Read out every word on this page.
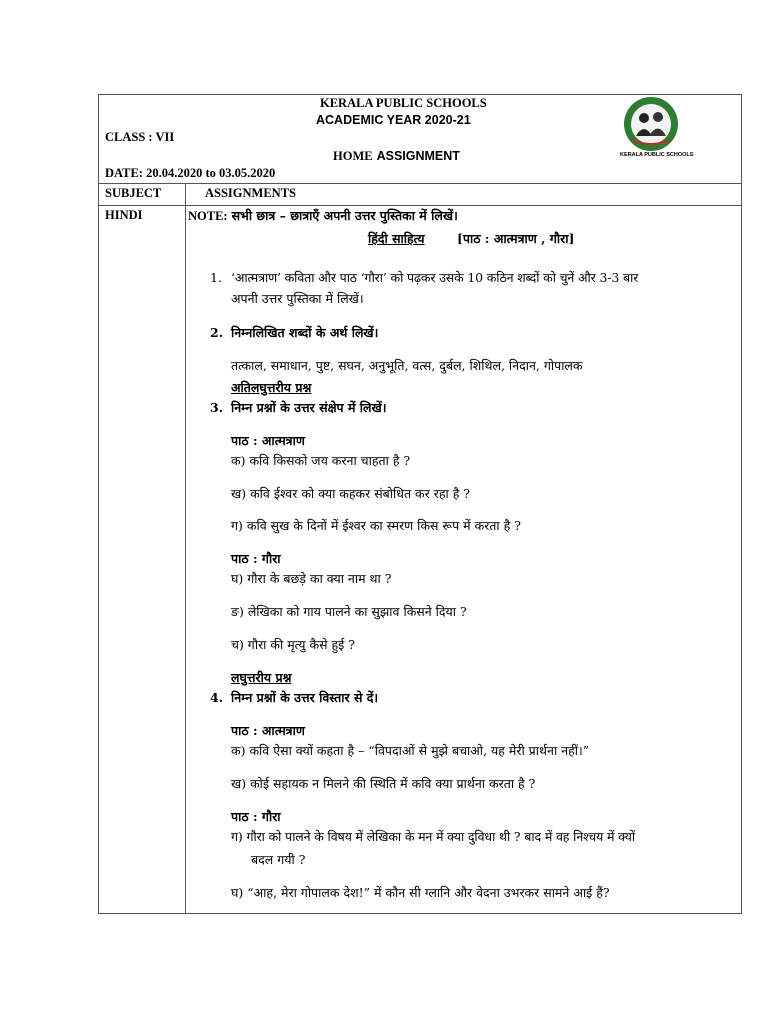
KERALA PUBLIC SCHOOLS
ACADEMIC YEAR 2020-21
CLASS : VII
HOME ASSIGNMENT
DATE: 20.04.2020 to 03.05.2020
KERALA PUBLIC SCHOOLS
SUBJECT	ASSIGNMENTS
HINDI	NOTE: सभी छात्र – छात्राएँ अपनी उत्तर पुस्तिका में लिखें।
हिंदी साहित्य	[पाठ : आत्मत्राण , गौरा]
1. ‘आत्मत्राण’ कविता और पाठ ‘गौरा’ को पढ़कर उसके 10 कठिन शब्दों को चुनें और 3-3 बार
अपनी उत्तर पुस्तिका में लिखें।
2. निम्नलिखित शब्दों के अर्थ लिखें।
तत्काल, समाधान, पुष्ट, सघन, अनुभूति, वत्स, दुर्बल, शिथिल, निदान, गोपालक
अतिलघुत्तरीय प्रश्न
3. निम्न प्रश्नों के उत्तर संक्षेप में लिखें।
पाठ : आत्मत्राण
क) कवि किसको जय करना चाहता है ?
ख) कवि ईश्वर को क्या कहकर संबोधित कर रहा है ?
ग) कवि सुख के दिनों में ईश्वर का स्मरण किस रूप में करता है ?
पाठ : गौरा
घ) गौरा के बछड़े का क्या नाम था ?
ङ) लेखिका को गाय पालने का सुझाव किसने दिया ?
च) गौरा की मृत्यु कैसे हुई ?
लघुत्तरीय प्रश्न
4. निम्न प्रश्नों के उत्तर विस्तार से दें।
पाठ : आत्मत्राण
क) कवि ऐसा क्यों कहता है – “विपदाओं से मुझे बचाओ, यह मेरी प्रार्थना नहीं।”
ख) कोई सहायक न मिलने की स्थिति में कवि क्या प्रार्थना करता है ?
पाठ : गौरा
ग) गौरा को पालने के विषय में लेखिका के मन में क्या दुविधा थी ? बाद में वह निश्चय में क्यों
बदल गयी ?
घ) “आह, मेरा गोपालक देश!” में कौन सी ग्लानि और वेदना उभरकर सामने आई हैं?
